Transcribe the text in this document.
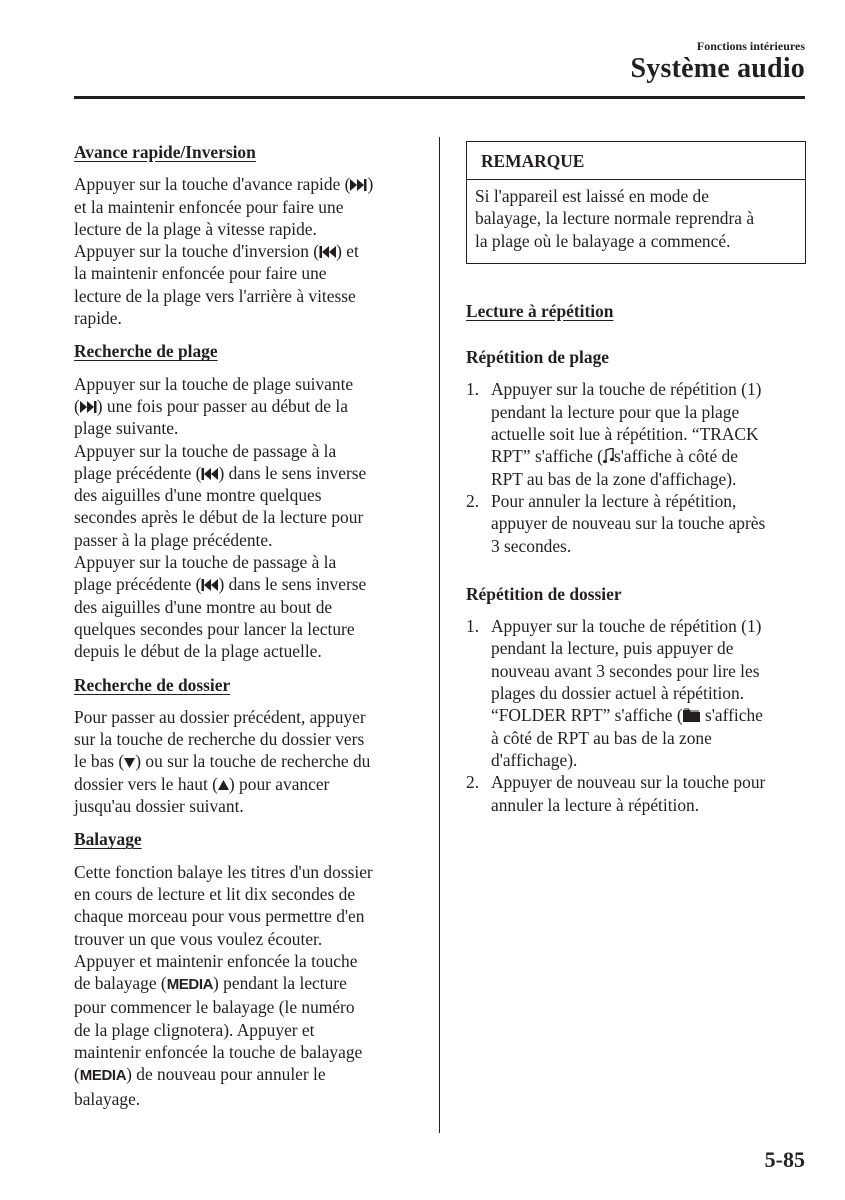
Fonctions intérieures
Système audio
Avance rapide/Inversion
Appuyer sur la touche d'avance rapide ( )
et la maintenir enfoncée pour faire une
lecture de la plage à vitesse rapide.
Appuyer sur la touche d'inversion ( ) et
la maintenir enfoncée pour faire une
lecture de la plage vers l'arrière à vitesse
rapide.
Recherche de plage
Appuyer sur la touche de plage suivante
( ) une fois pour passer au début de la
plage suivante.
Appuyer sur la touche de passage à la
plage précédente ( ) dans le sens inverse
des aiguilles d'une montre quelques
secondes après le début de la lecture pour
passer à la plage précédente.
Appuyer sur la touche de passage à la
plage précédente ( ) dans le sens inverse
des aiguilles d'une montre au bout de
quelques secondes pour lancer la lecture
depuis le début de la plage actuelle.
Recherche de dossier
Pour passer au dossier précédent, appuyer
sur la touche de recherche du dossier vers
le bas ( ) ou sur la touche de recherche du
dossier vers le haut ( ) pour avancer
jusqu'au dossier suivant.
Balayage
Cette fonction balaye les titres d'un dossier
en cours de lecture et lit dix secondes de
chaque morceau pour vous permettre d'en
trouver un que vous voulez écouter.
Appuyer et maintenir enfoncée la touche
de balayage (MEDIA) pendant la lecture
pour commencer le balayage (le numéro
de la plage clignotera). Appuyer et
maintenir enfoncée la touche de balayage
(MEDIA) de nouveau pour annuler le
balayage.
REMARQUE
Si l'appareil est laissé en mode de
balayage, la lecture normale reprendra à
la plage où le balayage a commencé.
Lecture à répétition
Répétition de plage
1. Appuyer sur la touche de répétition (1)
pendant la lecture pour que la plage
actuelle soit lue à répétition. “TRACK
RPT” s'affiche ( s'affiche à côté de
RPT au bas de la zone d'affichage).
2. Pour annuler la lecture à répétition,
appuyer de nouveau sur la touche après
3 secondes.
Répétition de dossier
1. Appuyer sur la touche de répétition (1)
pendant la lecture, puis appuyer de
nouveau avant 3 secondes pour lire les
plages du dossier actuel à répétition.
“FOLDER RPT” s'affiche ( s'affiche
à côté de RPT au bas de la zone
d'affichage).
2. Appuyer de nouveau sur la touche pour
annuler la lecture à répétition.
5-85
